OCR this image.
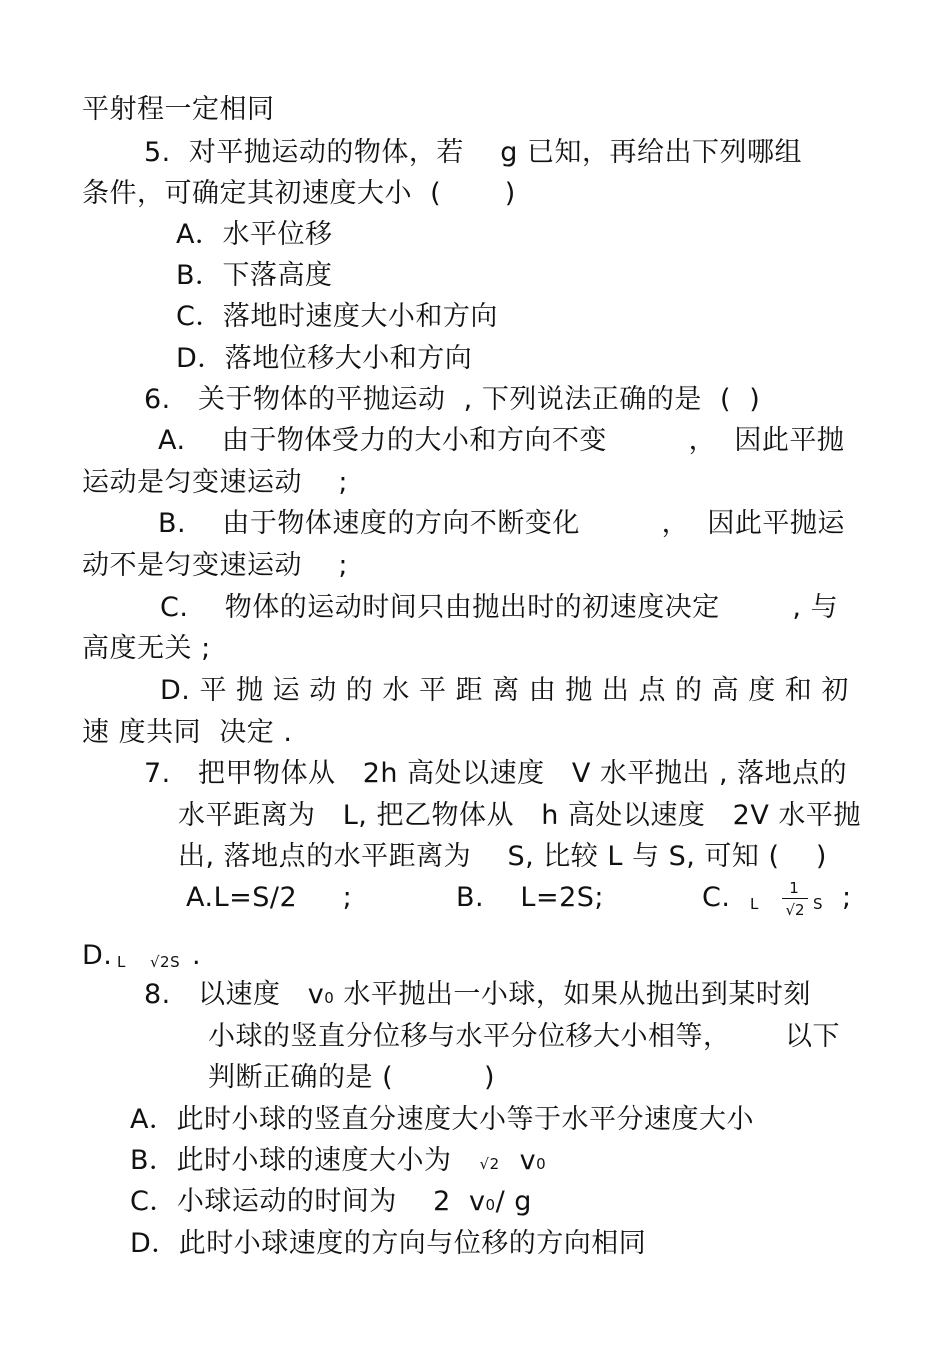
平射程一定相同
5.  对平抛运动的物体，若    g 已知，再给出下列哪组
条件，可确定其初速度大小  (       )
A．水平位移
B．下落高度
C．落地时速度大小和方向
D．落地位移大小和方向
6.   关于物体的平抛运动  , 下列说法正确的是  (  )
A.    由于物体受力的大小和方向不变         ，  因此平抛
运动是匀变速运动    ;
B.    由于物体速度的方向不断变化         ，  因此平抛运
动不是匀变速运动    ;
C.    物体的运动时间只由抛出时的初速度决定        , 与
高度无关 ;
D. 平 抛 运 动 的 水 平 距 离 由 抛 出 点 的 高 度 和 初
速 度共同  决定 .
7.   把甲物体从   2h 高处以速度   V 水平抛出 , 落地点的
水平距离为   L, 把乙物体从   h 高处以速度   2V 水平抛
出, 落地点的水平距离为    S, 比较 L 与 S, 可知 (    )
A.L=S/2     ;	B.    L=2S;	C. L
1
√2 S ;
D. L √2S .
8.   以速度   v0 水平抛出一小球，如果从抛出到某时刻
小球的竖直分位移与水平分位移大小相等，      以下
判断正确的是 (          )
A．此时小球的竖直分速度大小等于水平分速度大小
B．此时小球的速度大小为 √2 v0
C．小球运动的时间为    2  v0/ g
D．此时小球速度的方向与位移的方向相同
